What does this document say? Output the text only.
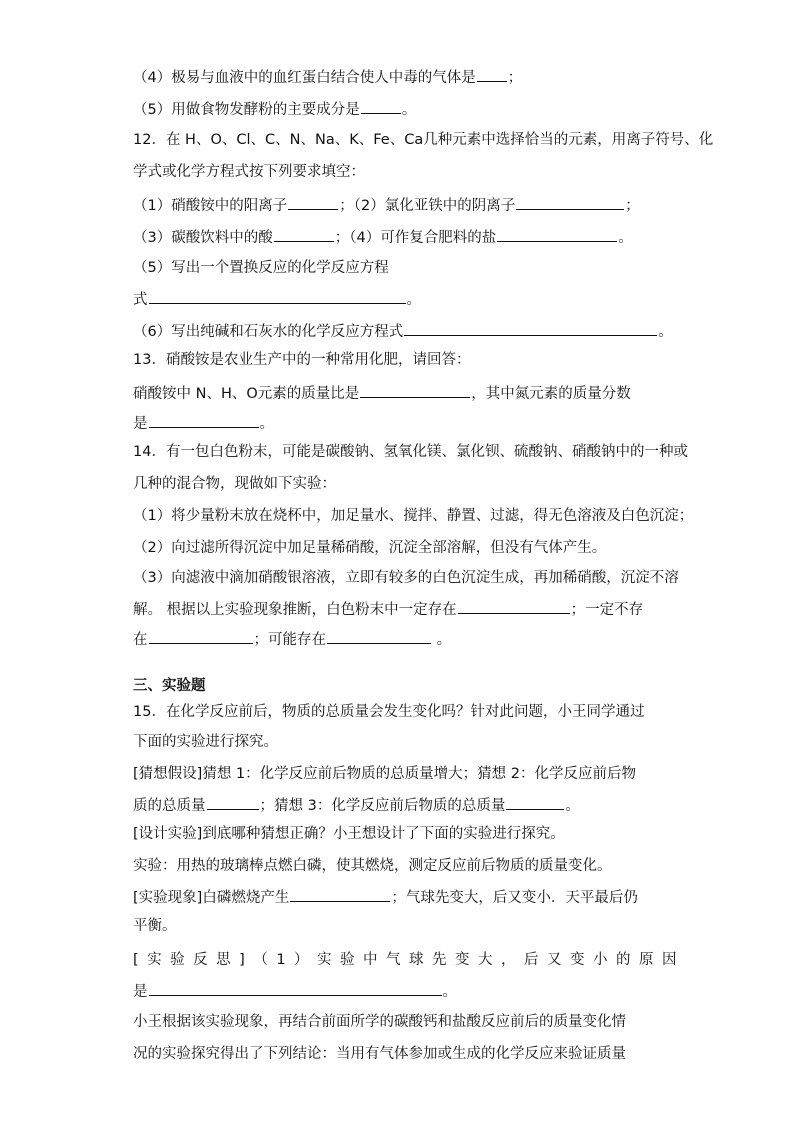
（4）极易与血液中的血红蛋白结合使人中毒的气体是 ；
（5）用做食物发酵粉的主要成分是	。
12．在 H、O、Cl、C、N、Na、K、Fe、Ca几种元素中选择恰当的元素，用离子符号、化
学式或化学方程式按下列要求填空：
（1）硝酸铵中的阳离子	；（2）氯化亚铁中的阴离子	；
（3）碳酸饮料中的酸	；（4）可作复合肥料的盐	。
（5）写出一个置换反应的化学反应方程
式	。
（6）写出纯碱和石灰水的化学反应方程式	。
13．硝酸铵是农业生产中的一种常用化肥，请回答：
硝酸铵中 N、H、O元素的质量比是	，其中氮元素的质量分数
是	。
14．有一包白色粉末，可能是碳酸钠、氢氧化镁、氯化钡、硫酸钠、硝酸钠中的一种或
几种的混合物，现做如下实验：
（1）将少量粉末放在烧杯中，加足量水、搅拌、静置、过滤，得无色溶液及白色沉淀；
（2）向过滤所得沉淀中加足量稀硝酸，沉淀全部溶解，但没有气体产生。
（3）向滤液中滴加硝酸银溶液，立即有较多的白色沉淀生成，再加稀硝酸，沉淀不溶
解。 根据以上实验现象推断，白色粉末中一定存在	；一定不存
在	；可能存在	。
三、实验题
15．在化学反应前后，物质的总质量会发生变化吗？针对此问题，小王同学通过
下面的实验进行探究。
[猜想假设]猜想 1：化学反应前后物质的总质量增大；猜想 2：化学反应前后物
质的总质量	；猜想 3：化学反应前后物质的总质量	。
[设计实验]到底哪种猜想正确？小王想设计了下面的实验进行探究。
实验：用热的玻璃棒点燃白磷，使其燃烧，测定反应前后物质的质量变化。
[实验现象]白磷燃烧产生	；气球先变大，后又变小．天平最后仍
平衡。
[实验反思]（1）实验中气球先变大，后又变小的原因
是	。
小王根据该实验现象，再结合前面所学的碳酸钙和盐酸反应前后的质量变化情
况的实验探究得出了下列结论：当用有气体参加或生成的化学反应来验证质量
